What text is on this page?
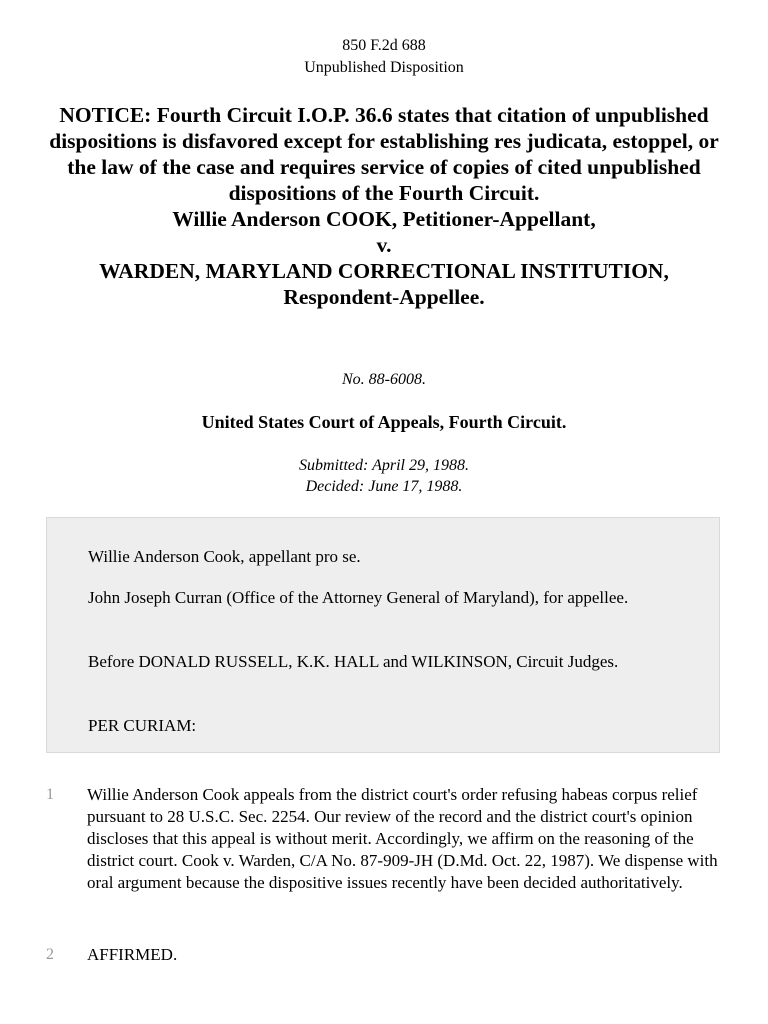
850 F.2d 688
Unpublished Disposition
NOTICE: Fourth Circuit I.O.P. 36.6 states that citation of unpublished dispositions is disfavored except for establishing res judicata, estoppel, or the law of the case and requires service of copies of cited unpublished dispositions of the Fourth Circuit.
Willie Anderson COOK, Petitioner-Appellant,
v.
WARDEN, MARYLAND CORRECTIONAL INSTITUTION,
Respondent-Appellee.
No. 88-6008.
United States Court of Appeals, Fourth Circuit.
Submitted: April 29, 1988.
Decided: June 17, 1988.

Willie Anderson Cook, appellant pro se.

John Joseph Curran (Office of the Attorney General of Maryland), for appellee.

Before DONALD RUSSELL, K.K. HALL and WILKINSON, Circuit Judges.

PER CURIAM:

1	Willie Anderson Cook appeals from the district court's order refusing habeas corpus relief pursuant to 28 U.S.C. Sec. 2254. Our review of the record and the district court's opinion discloses that this appeal is without merit. Accordingly, we affirm on the reasoning of the district court. Cook v. Warden, C/A No. 87-909-JH (D.Md. Oct. 22, 1987). We dispense with oral argument because the dispositive issues recently have been decided authoritatively.
2	AFFIRMED.
